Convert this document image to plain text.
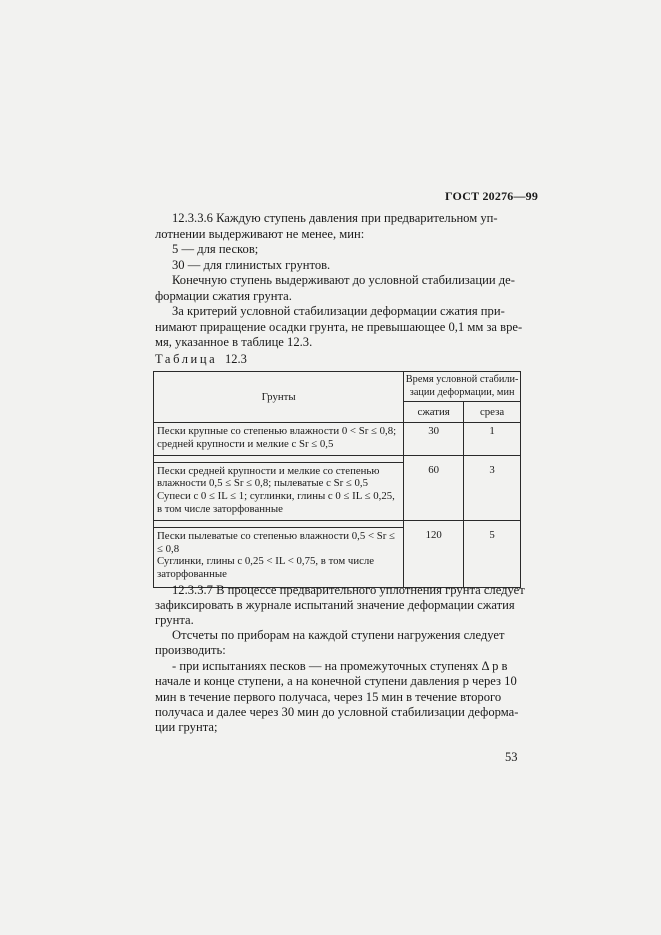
ГОСТ 20276—99
12.3.3.6 Каждую ступень давления при предварительном уп-
лотнении выдерживают не менее, мин:
5 — для песков;
30 — для глинистых грунтов.
Конечную ступень выдерживают до условной стабилизации де-
формации сжатия грунта.
За критерий условной стабилизации деформации сжатия при-
нимают приращение осадки грунта, не превышающее 0,1 мм за вре-
мя, указанное в таблице 12.3.
Таблица 12.3
Грунты	Время условной стабили-
зации деформации, мин	

	сжатия	среза

Пески крупные со степенью влажности 0 < Sr ≤ 0,8;
средней крупности и мелкие с Sr ≤ 0,5	30	1

Пески средней крупности и мелкие со степенью
влажности 0,5 ≤ Sr ≤ 0,8; пылеватые с Sr ≤ 0,5
Супеси с 0 ≤ IL ≤ 1; суглинки, глины с 0 ≤ IL ≤ 0,25,
в том числе заторфованные	60	3

Пески пылеватые со степенью влажности 0,5 < Sr ≤
≤ 0,8
Суглинки, глины с 0,25 < IL < 0,75, в том числе
заторфованные	120	5
12.3.3.7 В процессе предварительного уплотнения грунта следует
зафиксировать в журнале испытаний значение деформации сжатия
грунта.
Отсчеты по приборам на каждой ступени нагружения следует
производить:
- при испытаниях песков — на промежуточных ступенях Δ p в
начале и конце ступени, а на конечной ступени давления p через 10
мин в течение первого получаса, через 15 мин в течение второго
получаса и далее через 30 мин до условной стабилизации деформа-
ции грунта;
53
